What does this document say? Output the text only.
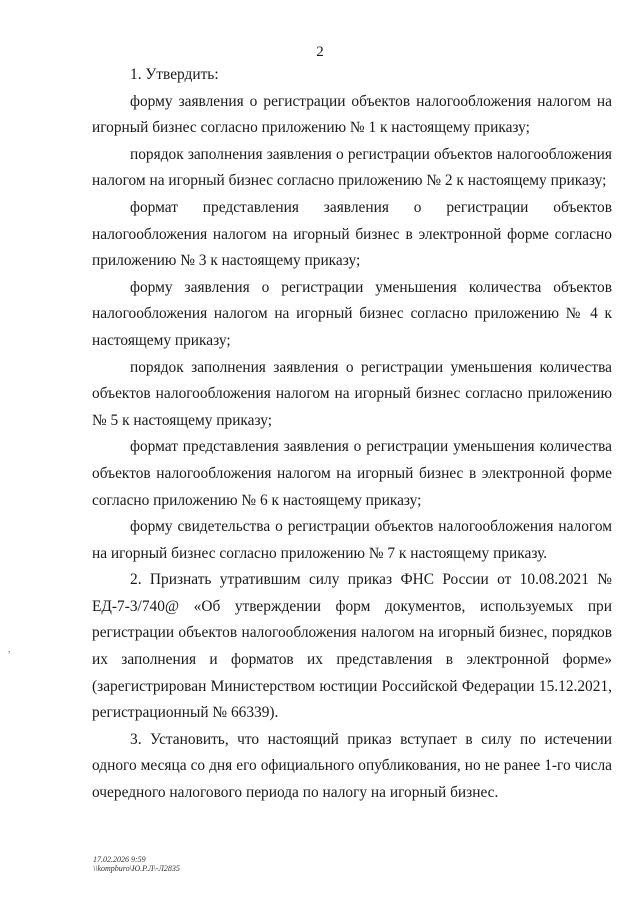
2

1. Утвердить:

форму заявления о регистрации объектов налогообложения налогом на игорный бизнес согласно приложению № 1 к настоящему приказу;

порядок заполнения заявления о регистрации объектов налогообложения налогом на игорный бизнес согласно приложению № 2 к настоящему приказу;

формат представления заявления о регистрации объектов налогообложения налогом на игорный бизнес в электронной форме согласно приложению № 3 к настоящему приказу;

форму заявления о регистрации уменьшения количества объектов налогообложения налогом на игорный бизнес согласно приложению № 4 к настоящему приказу;

порядок заполнения заявления о регистрации уменьшения количества объектов налогообложения налогом на игорный бизнес согласно приложению № 5 к настоящему приказу;

формат представления заявления о регистрации уменьшения количества объектов налогообложения налогом на игорный бизнес в электронной форме согласно приложению № 6 к настоящему приказу;

форму свидетельства о регистрации объектов налогообложения налогом на игорный бизнес согласно приложению № 7 к настоящему приказу.

2. Признать утратившим силу приказ ФНС России от 10.08.2021 № ЕД-7-3/740@ «Об утверждении форм документов, используемых при регистрации объектов налогообложения налогом на игорный бизнес, порядков их заполнения и форматов их представления в электронной форме» (зарегистрирован Министерством юстиции Российской Федерации 15.12.2021, регистрационный № 66339).

3. Установить, что настоящий приказ вступает в силу по истечении одного месяца со дня его официального опубликования, но не ранее 1-го числа очередного налогового периода по налогу на игорный бизнес.

,
17.02.2026 9:59
\\kompburo\Ю.Р.Л\-Л2835
